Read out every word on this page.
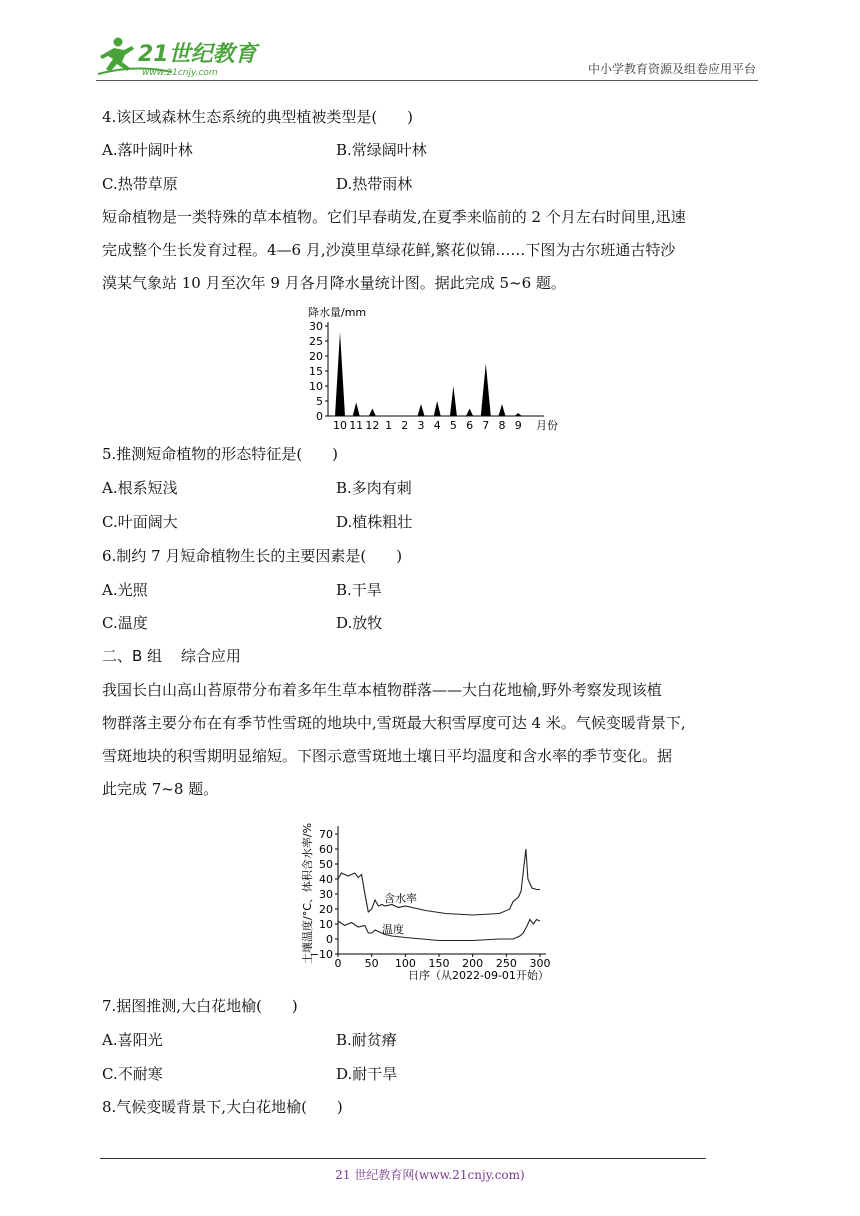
21世纪教育
www.21cnjy.com	中小学教育资源及组卷应用平台
4.该区域森林生态系统的典型植被类型是(　　)
A.落叶阔叶林	B.常绿阔叶林
C.热带草原	D.热带雨林
短命植物是一类特殊的草本植物。它们早春萌发,在夏季来临前的 2 个月左右时间里,迅速
完成整个生长发育过程。4—6 月,沙漠里草绿花鲜,繁花似锦……下图为古尔班通古特沙
漠某气象站 10 月至次年 9 月各月降水量统计图。据此完成 5~6 题。
降水量/mm
30
25
20
15
10
5
0
10 11 12 1 2 3 4 5 6 7 8 9 月份
5.推测短命植物的形态特征是(　　)
A.根系短浅	B.多肉有刺
C.叶面阔大	D.植株粗壮
6.制约 7 月短命植物生长的主要因素是(　　)
A.光照	B.干旱
C.温度	D.放牧
二、B 组 综合应用
我国长白山高山苔原带分布着多年生草本植物群落——大白花地榆,野外考察发现该植
物群落主要分布在有季节性雪斑的地块中,雪斑最大积雪厚度可达 4 米。气候变暖背景下,
雪斑地块的积雪期明显缩短。下图示意雪斑地土壤日平均温度和含水率的季节变化。据
此完成 7~8 题。
土壤温度/°C、体积含水率/% 70
60
50
40
30
20
10
0
−10
0 50 100 150 200 250 300
含水率
温度
日序（从2022-09-01开始）
7.据图推测,大白花地榆(　　)
A.喜阳光	B.耐贫瘠
C.不耐寒	D.耐干旱
8.气候变暖背景下,大白花地榆(　　)
21 世纪教育网(www.21cnjy.com)
